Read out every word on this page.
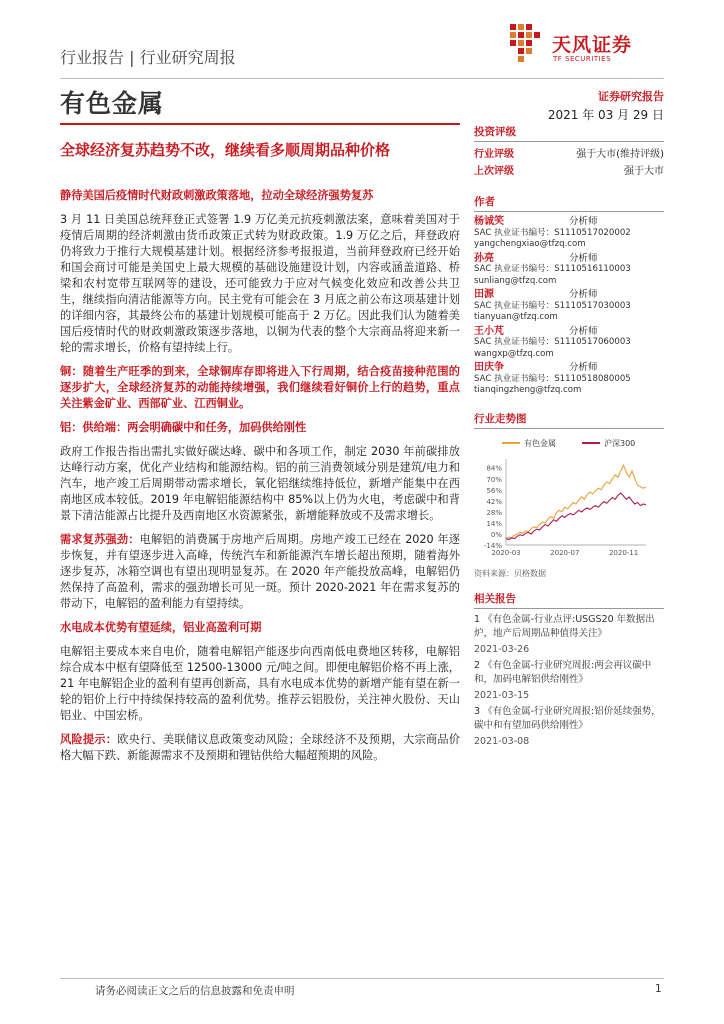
行业报告 | 行业研究周报
天风证券
TF SECURITIES
有色金属	证券研究报告
2021 年 03 月 29 日
全球经济复苏趋势不改，继续看多顺周期品种价格
静待美国后疫情时代财政刺激政策落地，拉动全球经济强势复苏

3 月 11 日美国总统拜登正式签署 1.9 万亿美元抗疫刺激法案，意味着美国对于疫情后周期的经济刺激由货币政策正式转为财政政策。1.9 万亿之后，拜登政府仍将致力于推行大规模基建计划。根据经济参考报报道，当前拜登政府已经开始和国会商讨可能是美国史上最大规模的基础设施建设计划，内容或涵盖道路、桥梁和农村宽带互联网等的建设，还可能致力于应对气候变化效应和改善公共卫生，继续指向清洁能源等方向。民主党有可能会在 3 月底之前公布这项基建计划的详细内容，其最终公布的基建计划规模可能高于 2 万亿。因此我们认为随着美国后疫情时代的财政刺激政策逐步落地，以铜为代表的整个大宗商品将迎来新一轮的需求增长，价格有望持续上行。

铜：随着生产旺季的到来，全球铜库存即将进入下行周期，结合疫苗接种范围的逐步扩大，全球经济复苏的动能持续增强，我们继续看好铜价上行的趋势，重点关注紫金矿业、西部矿业、江西铜业。

铝：供给端：两会明确碳中和任务，加码供给刚性

政府工作报告指出需扎实做好碳达峰、碳中和各项工作，制定 2030 年前碳排放达峰行动方案，优化产业结构和能源结构。铝的前三消费领域分别是建筑/电力和汽车，地产竣工后周期带动需求增长，氧化铝继续维持低位，新增产能集中在西南地区成本较低。2019 年电解铝能源结构中 85%以上仍为火电，考虑碳中和背景下清洁能源占比提升及西南地区水资源紧张，新增能释放或不及需求增长。

需求复苏强劲：电解铝的消费属于房地产后周期。房地产竣工已经在 2020 年逐步恢复，并有望逐步进入高峰，传统汽车和新能源汽车增长超出预期，随着海外逐步复苏，冰箱空调也有望出现明显复苏。在 2020 年产能投放高峰，电解铝仍然保持了高盈利，需求的强劲增长可见一斑。预计 2020-2021 年在需求复苏的带动下，电解铝的盈利能力有望持续。

水电成本优势有望延续，铝业高盈利可期

电解铝主要成本来自电价，随着电解铝产能逐步向西南低电费地区转移，电解铝综合成本中枢有望降低至 12500-13000 元/吨之间。即便电解铝价格不再上涨，21 年电解铝企业的盈利有望再创新高，具有水电成本优势的新增产能有望在新一轮的铝价上行中持续保持较高的盈利优势。推荐云铝股份，关注神火股份、天山铝业、中国宏桥。

风险提示：欧央行、美联储议息政策变动风险；全球经济不及预期，大宗商品价格大幅下跌、新能源需求不及预期和锂钴供给大幅超预期的风险。

投资评级
行业评级	强于大市(维持评级)
上次评级	强于大市
作者
杨诚笑	分析师
SAC 执业证书编号：S1110517020002
yangchengxiao@tfzq.com
孙亮	分析师
SAC 执业证书编号：S1110516110003
sunliang@tfzq.com
田源	分析师
SAC 执业证书编号：S1110517030003
tianyuan@tfzq.com
王小芃	分析师
SAC 执业证书编号：S1110517060003
wangxp@tfzq.com
田庆争	分析师
SAC 执业证书编号：S1110518080005
tianqingzheng@tfzq.com
行业走势图
有色金属	沪深300
84%
70%
56%
42%
28%
14%
0%
-14%
2020-03	2020-07	2020-11
资料来源：贝格数据
相关报告
1 《有色金属-行业点评:USGS20 年数据出炉，地产后周期品种值得关注》
2021-03-26
2 《有色金属-行业研究周报:两会再议碳中和，加码电解铝供给刚性》
2021-03-15
3 《有色金属-行业研究周报:铝价延续强势，碳中和有望加码供给刚性》
2021-03-08
请务必阅读正文之后的信息披露和免责申明	1
